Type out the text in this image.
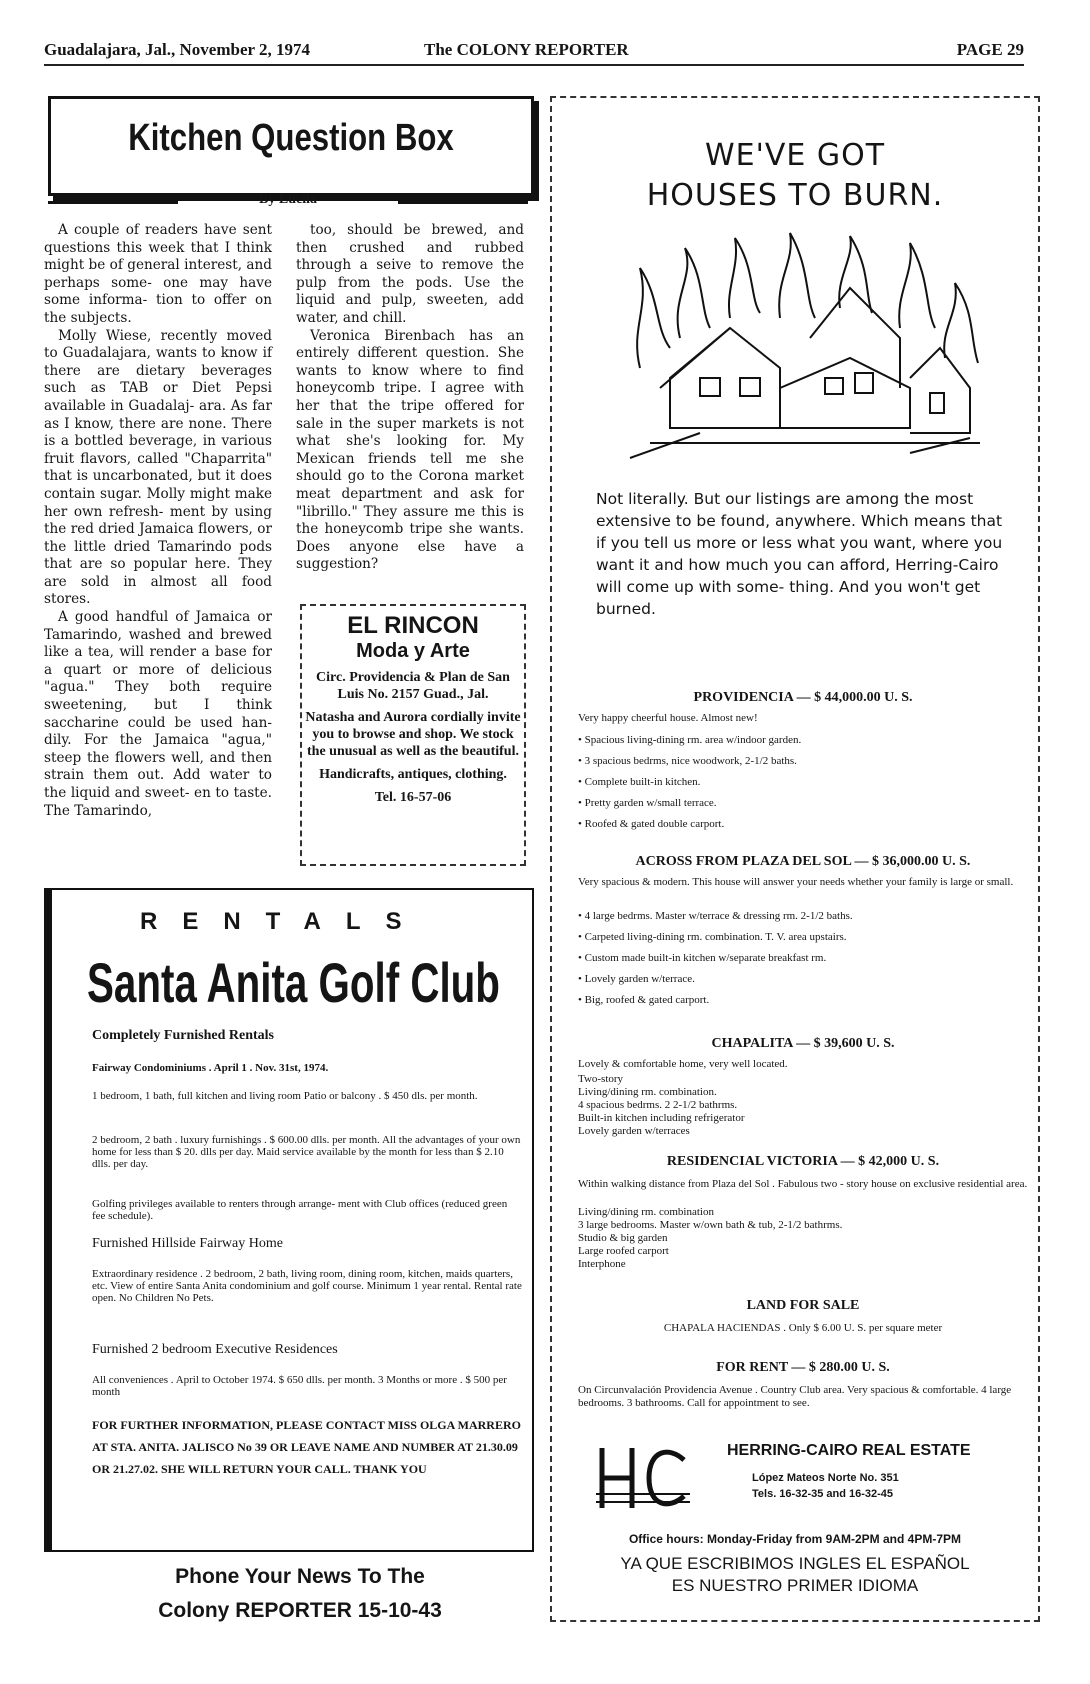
Guadalajara, Jal., November 2, 1974	The COLONY REPORTER	PAGE 29
Kitchen Question Box
By Lucila

A couple of readers have sent questions this week that I think might be of general interest, and perhaps some- one may have some informa- tion to offer on the subjects.

Molly Wiese, recently moved to Guadalajara, wants to know if there are dietary beverages such as TAB or Diet Pepsi available in Guadalaj- ara. As far as I know, there are none. There is a bottled beverage, in various fruit flavors, called "Chaparrita" that is uncarbonated, but it does contain sugar. Molly might make her own refresh- ment by using the red dried Jamaica flowers, or the little dried Tamarindo pods that are so popular here. They are sold in almost all food stores.

A good handful of Jamaica or Tamarindo, washed and brewed like a tea, will render a base for a quart or more of delicious "agua." They both require sweetening, but I think saccharine could be used han- dily. For the Jamaica "agua," steep the flowers well, and then strain them out. Add water to the liquid and sweet- en to taste. The Tamarindo,

too, should be brewed, and then crushed and rubbed through a seive to remove the pulp from the pods. Use the liquid and pulp, sweeten, add water, and chill.

Veronica Birenbach has an entirely different question. She wants to know where to find honeycomb tripe. I agree with her that the tripe offered for sale in the super markets is not what she's looking for. My Mexican friends tell me she should go to the Corona market meat department and ask for "librillo." They assure me this is the honeycomb tripe she wants. Does anyone else have a suggestion?

EL RINCON
Moda y Arte
Circ. Providencia & Plan de San Luis No. 2157 Guad., Jal.
Natasha and Aurora cordially invite you to browse and shop. We stock the unusual as well as the beautiful.
Handicrafts, antiques, clothing.
Tel. 16-57-06
RENTALS
Santa Anita Golf Club
Completely Furnished Rentals
Fairway Condominiums . April 1 . Nov. 31st, 1974.
1 bedroom, 1 bath, full kitchen and living room Patio or balcony . $ 450 dls. per month.
2 bedroom, 2 bath . luxury furnishings . $ 600.00 dlls. per month. All the advantages of your own home for less than $ 20. dlls per day. Maid service available by the month for less than $ 2.10 dlls. per day.
Golfing privileges available to renters through arrange- ment with Club offices (reduced green fee schedule).
Furnished Hillside Fairway Home
Extraordinary residence . 2 bedroom, 2 bath, living room, dining room, kitchen, maids quarters, etc. View of entire Santa Anita condominium and golf course. Minimum 1 year rental. Rental rate open. No Children No Pets.
Furnished 2 bedroom Executive Residences
All conveniences . April to October 1974. $ 650 dlls. per month. 3 Months or more . $ 500 per month
FOR FURTHER INFORMATION, PLEASE CONTACT MISS OLGA MARRERO AT STA. ANITA. JALISCO No 39 OR LEAVE NAME AND NUMBER AT 21.30.09 OR 21.27.02. SHE WILL RETURN YOUR CALL. THANK YOU
Phone Your News To The
Colony REPORTER 15-10-43
WE'VE GOT
HOUSES TO BURN.
Not literally. But our listings are among the most extensive to be found, anywhere. Which means that if you tell us more or less what you want, where you want it and how much you can afford, Herring-Cairo will come up with some- thing. And you won't get burned.
PROVIDENCIA — $ 44,000.00 U. S.
Very happy cheerful house. Almost new!
• Spacious living-dining rm. area w/indoor garden.
• 3 spacious bedrms, nice woodwork, 2-1/2 baths.
• Complete built-in kitchen.
• Pretty garden w/small terrace.
• Roofed & gated double carport.
ACROSS FROM PLAZA DEL SOL — $ 36,000.00 U. S.
Very spacious & modern. This house will answer your needs whether your family is large or small.
• 4 large bedrms. Master w/terrace & dressing rm. 2-1/2 baths.
• Carpeted living-dining rm. combination. T. V. area upstairs.
• Custom made built-in kitchen w/separate breakfast rm.
• Lovely garden w/terrace.
• Big, roofed & gated carport.
CHAPALITA — $ 39,600 U. S.
Lovely & comfortable home, very well located.
Two-story
Living/dining rm. combination.
4 spacious bedrms. 2 2-1/2 bathrms.
Built-in kitchen including refrigerator
Lovely garden w/terraces
RESIDENCIAL VICTORIA — $ 42,000 U. S.
Within walking distance from Plaza del Sol . Fabulous two - story house on exclusive residential area.
Living/dining rm. combination
3 large bedrooms. Master w/own bath & tub, 2-1/2 bathrms.
Studio & big garden
Large roofed carport
Interphone
LAND FOR SALE
CHAPALA HACIENDAS . Only $ 6.00 U. S. per square meter
FOR RENT — $ 280.00 U. S.
On Circunvalación Providencia Avenue . Country Club area. Very spacious & comfortable. 4 large bedrooms. 3 bathrooms. Call for appointment to see.
HERRING-CAIRO REAL ESTATE
López Mateos Norte No. 351
Tels. 16-32-35 and 16-32-45
Office hours: Monday-Friday from 9AM-2PM and 4PM-7PM
YA QUE ESCRIBIMOS INGLES EL ESPAÑOL
ES NUESTRO PRIMER IDIOMA
